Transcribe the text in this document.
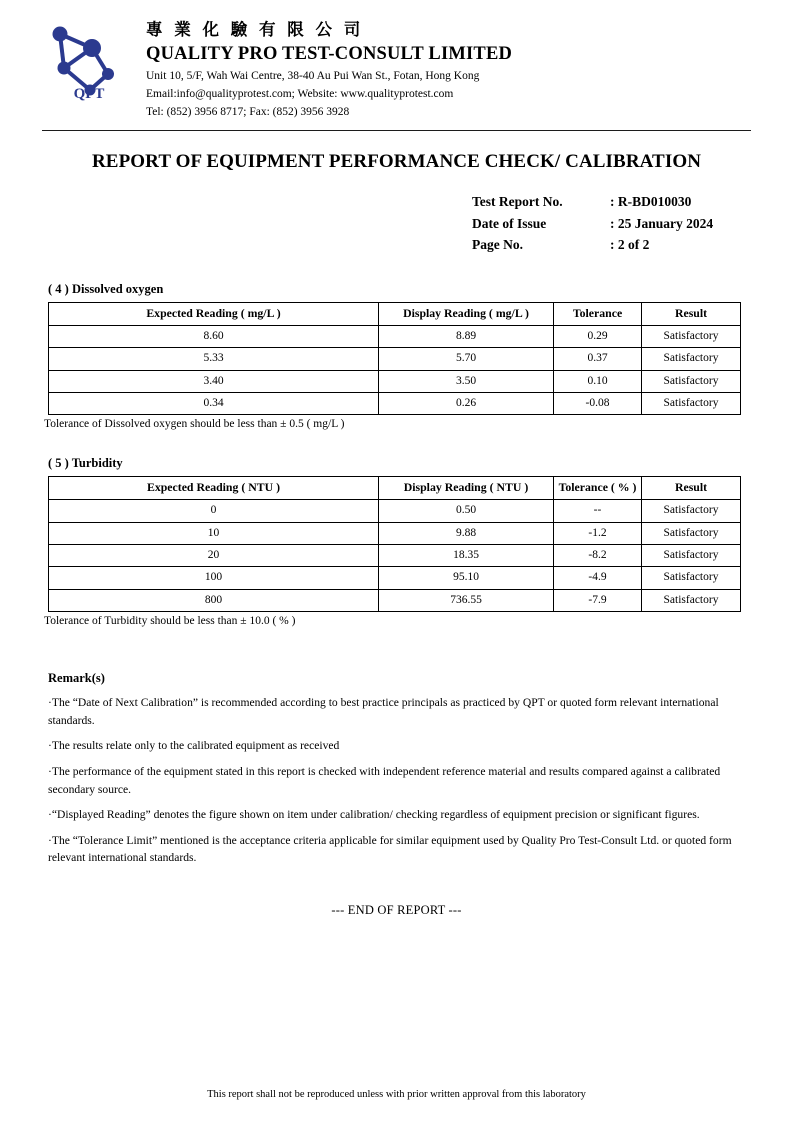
QPT
專 業 化 驗 有 限 公 司
QUALITY PRO TEST-CONSULT LIMITED
Unit 10, 5/F, Wah Wai Centre, 38-40 Au Pui Wan St., Fotan, Hong Kong
Email:info@qualityprotest.com; Website: www.qualityprotest.com
Tel: (852) 3956 8717; Fax: (852) 3956 3928
REPORT OF EQUIPMENT PERFORMANCE CHECK/ CALIBRATION
Test Report No.	: R-BD010030
Date of Issue	: 25 January 2024
Page No.	: 2 of 2
( 4 ) Dissolved oxygen
Expected Reading ( mg/L )	Display Reading ( mg/L )	Tolerance	Result
8.60	8.89	0.29	Satisfactory
5.33	5.70	0.37	Satisfactory
3.40	3.50	0.10	Satisfactory
0.34	0.26	-0.08	Satisfactory
Tolerance of Dissolved oxygen should be less than ± 0.5 ( mg/L )
( 5 ) Turbidity
Expected Reading ( NTU )	Display Reading ( NTU )	Tolerance ( % )	Result
0	0.50	--	Satisfactory
10	9.88	-1.2	Satisfactory
20	18.35	-8.2	Satisfactory
100	95.10	-4.9	Satisfactory
800	736.55	-7.9	Satisfactory
Tolerance of Turbidity should be less than ± 10.0 ( % )
Remark(s)
·The “Date of Next Calibration” is recommended according to best practice principals as practiced by QPT or quoted form relevant international standards.
·The results relate only to the calibrated equipment as received
·The performance of the equipment stated in this report is checked with independent reference material and results compared against a calibrated secondary source.
·“Displayed Reading” denotes the figure shown on item under calibration/ checking regardless of equipment precision or significant figures.
·The “Tolerance Limit” mentioned is the acceptance criteria applicable for similar equipment used by Quality Pro Test-Consult Ltd. or quoted form relevant international standards.
--- END OF REPORT ---
This report shall not be reproduced unless with prior written approval from this laboratory
